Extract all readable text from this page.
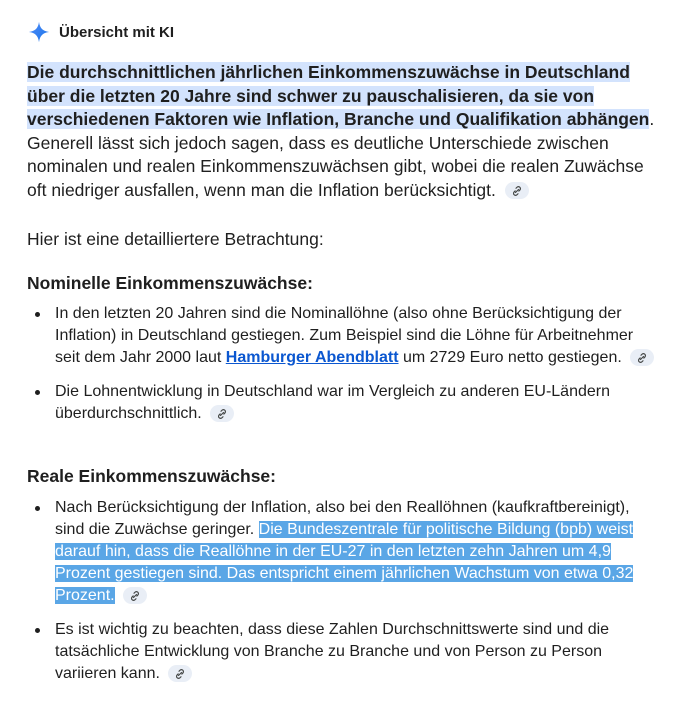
Übersicht mit KI
Die durchschnittlichen jährlichen Einkommenszuwächse in Deutschland über die letzten 20 Jahre sind schwer zu pauschalisieren, da sie von verschiedenen Faktoren wie Inflation, Branche und Qualifikation abhängen. Generell lässt sich jedoch sagen, dass es deutliche Unterschiede zwischen nominalen und realen Einkommenszuwächsen gibt, wobei die realen Zuwächse oft niedriger ausfallen, wenn man die Inflation berücksichtigt.
Hier ist eine detailliertere Betrachtung:
Nominelle Einkommenszuwächse:
In den letzten 20 Jahren sind die Nominallöhne (also ohne Berücksichtigung der Inflation) in Deutschland gestiegen. Zum Beispiel sind die Löhne für Arbeitnehmer seit dem Jahr 2000 laut Hamburger Abendblatt um 2729 Euro netto gestiegen.
Die Lohnentwicklung in Deutschland war im Vergleich zu anderen EU-Ländern überdurchschnittlich.
Reale Einkommenszuwächse:
Nach Berücksichtigung der Inflation, also bei den Reallöhnen (kaufkraftbereinigt), sind die Zuwächse geringer. Die Bundeszentrale für politische Bildung (bpb) weist darauf hin, dass die Reallöhne in der EU-27 in den letzten zehn Jahren um 4,9 Prozent gestiegen sind. Das entspricht einem jährlichen Wachstum von etwa 0,32 Prozent.
Es ist wichtig zu beachten, dass diese Zahlen Durchschnittswerte sind und die tatsächliche Entwicklung von Branche zu Branche und von Person zu Person variieren kann.
